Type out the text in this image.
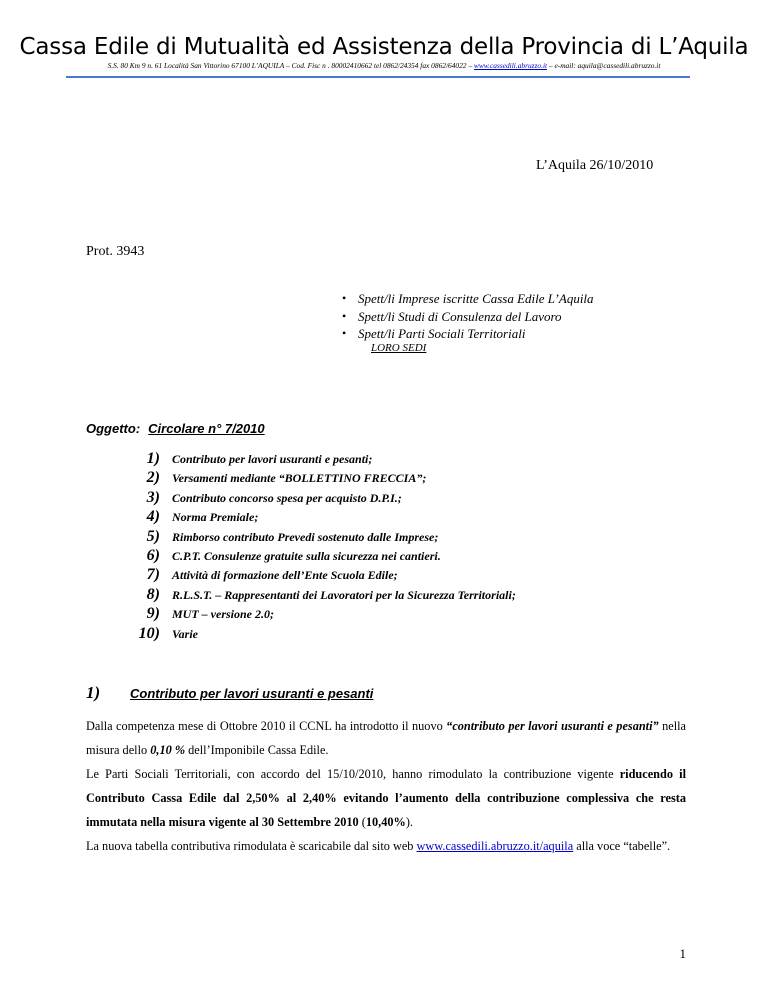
Cassa Edile di Mutualità ed Assistenza della Provincia di L’Aquila
S.S. 80 Km 9 n. 61 Località San Vittorino 67100 L’AQUILA – Cod. Fisc n . 80002410662 tel 0862/24354 fax 0862/64022 – www.cassedili.abruzzo.it – e-mail: aquila@cassedili.abruzzo.it
L’Aquila 26/10/2010
Prot. 3943
• Spett/li Imprese iscritte Cassa Edile L’Aquila
• Spett/li Studi di Consulenza del Lavoro
• Spett/li Parti Sociali Territoriali
LORO SEDI
Oggetto: Circolare n° 7/2010
1) Contributo per lavori usuranti e pesanti;
2) Versamenti mediante “BOLLETTINO FRECCIA”;
3) Contributo concorso spesa per acquisto D.P.I.;
4) Norma Premiale;
5) Rimborso contributo Prevedi sostenuto dalle Imprese;
6) C.P.T. Consulenze gratuite sulla sicurezza nei cantieri.
7) Attività di formazione dell’Ente Scuola Edile;
8) R.L.S.T. – Rappresentanti dei Lavoratori per la Sicurezza Territoriali;
9) MUT – versione 2.0;
10) Varie
1)	Contributo per lavori usuranti e pesanti

Dalla competenza mese di Ottobre 2010 il CCNL ha introdotto il nuovo “contributo per lavori usuranti e pesanti” nella misura dello 0,10 % dell’Imponibile Cassa Edile.

Le Parti Sociali Territoriali, con accordo del 15/10/2010, hanno rimodulato la contribuzione vigente riducendo il Contributo Cassa Edile dal 2,50% al 2,40% evitando l’aumento della contribuzione complessiva che resta immutata nella misura vigente al 30 Settembre 2010 (10,40%).

La nuova tabella contributiva rimodulata è scaricabile dal sito web www.cassedili.abruzzo.it/aquila alla voce “tabelle”.

1
